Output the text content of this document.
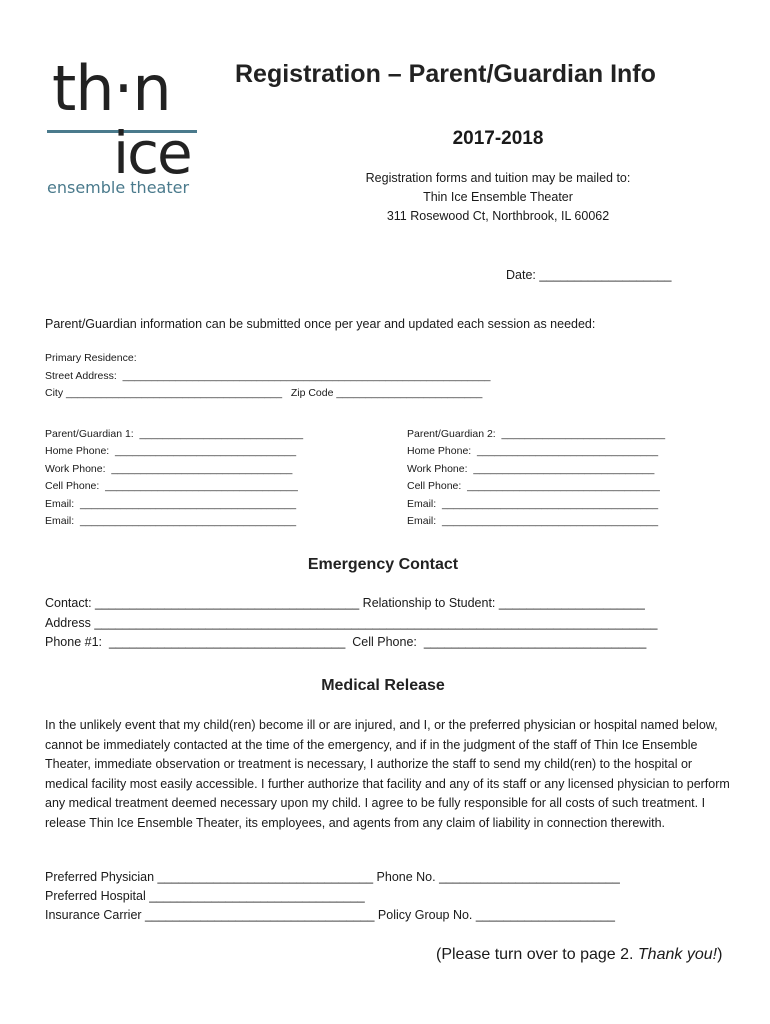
th·n
ice
ensemble theater
Registration – Parent/Guardian Info
2017-2018
Registration forms and tuition may be mailed to:
Thin Ice Ensemble Theater
311 Rosewood Ct, Northbrook, IL 60062
Date: ___________________
Parent/Guardian information can be submitted once per year and updated each session as needed:
Primary Residence:
Street Address:  _______________________________________________________________
City _____________________________________   Zip Code _________________________
Parent/Guardian 1:  ____________________________
Home Phone:  _______________________________
Work Phone:  _______________________________
Cell Phone:  _________________________________
Email:  _____________________________________
Email:  _____________________________________
Parent/Guardian 2:  ____________________________
Home Phone:  _______________________________
Work Phone:  _______________________________
Cell Phone:  _________________________________
Email:  _____________________________________
Email:  _____________________________________
Emergency Contact
Contact: ______________________________________ Relationship to Student: _____________________
Address _________________________________________________________________________________
Phone #1:  __________________________________  Cell Phone:  ________________________________
Medical Release
In the unlikely event that my child(ren) become ill or are injured, and I, or the preferred physician or hospital named below, cannot be immediately contacted at the time of the emergency, and if in the judgment of the staff of Thin Ice Ensemble Theater, immediate observation or treatment is necessary, I authorize the staff to send my child(ren) to the hospital or medical facility most easily accessible. I further authorize that facility and any of its staff or any licensed physician to perform any medical treatment deemed necessary upon my child. I agree to be fully responsible for all costs of such treatment. I release Thin Ice Ensemble Theater, its employees, and agents from any claim of liability in connection therewith.
Preferred Physician _______________________________ Phone No. __________________________
Preferred Hospital _______________________________
Insurance Carrier _________________________________ Policy Group No. ____________________
(Please turn over to page 2. Thank you!)
